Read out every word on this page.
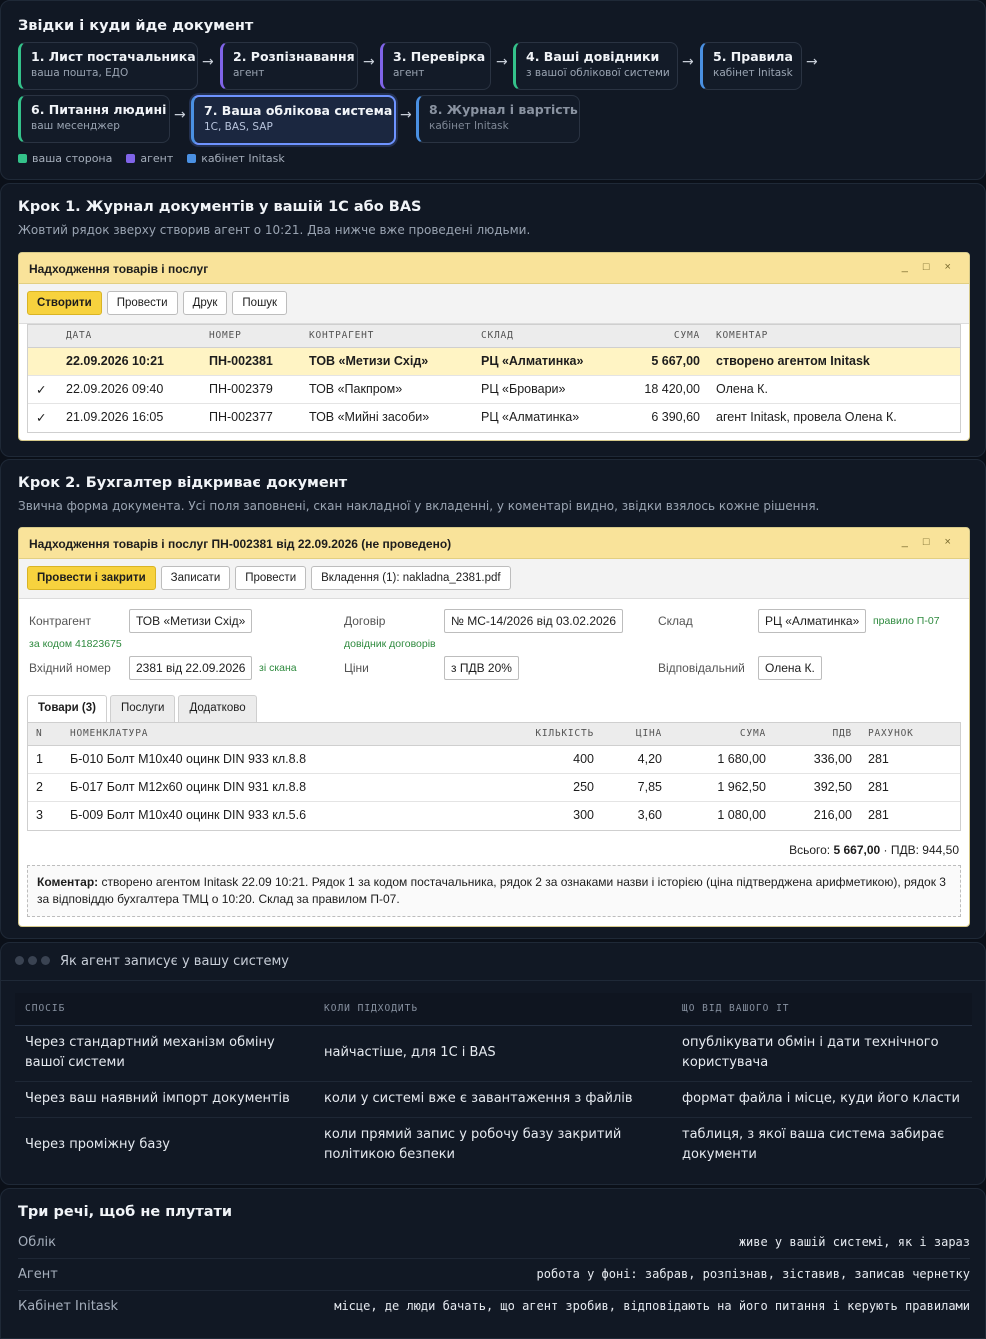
Звідки і куди йде документ
1. Лист постачальника
ваша пошта, ЕДО
→ 2. Розпізнавання
агент
→ 3. Перевірка
агент
→ 4. Ваші довідники
з вашої облікової системи
→ 5. Правила
кабінет Initask
→
6. Питання людині
ваш месенджер
→ 7. Ваша облікова система
1С, BAS, SAP
→ 8. Журнал і вартість
кабінет Initask
ваша сторона	агент	кабінет Initask
Крок 1. Журнал документів у вашій 1С або BAS
Жовтий рядок зверху створив агент о 10:21. Два нижче вже проведені людьми.
Надходження товарів і послуг	_ □ ×
Створити	Провести	Друк	Пошук
	ДАТА	НОМЕР	КОНТРАГЕНТ	СКЛАД	СУМА	КОМЕНТАР
	22.09.2026 10:21	ПН-002381	ТОВ «Метизи Схід»	РЦ «Алматинка»	5 667,00	створено агентом Initask
✓	22.09.2026 09:40	ПН-002379	ТОВ «Пакпром»	РЦ «Бровари»	18 420,00	Олена К.
✓	21.09.2026 16:05	ПН-002377	ТОВ «Мийні засоби»	РЦ «Алматинка»	6 390,60	агент Initask, провела Олена К.
Крок 2. Бухгалтер відкриває документ
Звична форма документа. Усі поля заповнені, скан накладної у вкладенні, у коментарі видно, звідки взялось кожне рішення.
Надходження товарів і послуг ПН-002381 від 22.09.2026 (не проведено)	_ □ ×
Провести і закрити	Записати	Провести	Вкладення (1): nakladna_2381.pdf
Контрагент	ТОВ «Метизи Схід»
за кодом 41823675
Договір	№ МС-14/2026 від 03.02.2026
довідник договорів
Склад	РЦ «Алматинка»	правило П-07
Вхідний номер	2381 від 22.09.2026	зі скана	Ціни	з ПДВ 20%	Відповідальний	Олена К.
Товари (3)	Послуги	Додатково
N	НОМЕНКЛАТУРА	КІЛЬКІСТЬ	ЦІНА	СУМА	ПДВ	РАХУНОК
1	Б-010 Болт М10х40 оцинк DIN 933 кл.8.8	400	4,20	1 680,00	336,00	281
2	Б-017 Болт М12х60 оцинк DIN 931 кл.8.8	250	7,85	1 962,50	392,50	281
3	Б-009 Болт М10х40 оцинк DIN 933 кл.5.6	300	3,60	1 080,00	216,00	281
Всього: 5 667,00 · ПДВ: 944,50
Коментар: створено агентом Initask 22.09 10:21. Рядок 1 за кодом постачальника, рядок 2 за ознаками назви і історією (ціна підтверджена арифметикою), рядок 3 за відповіддю бухгалтера ТМЦ о 10:20. Склад за правилом П-07.
Як агент записує у вашу систему
СПОСІБ	КОЛИ ПІДХОДИТЬ	ЩО ВІД ВАШОГО ІТ
Через стандартний механізм обміну вашої системи	найчастіше, для 1С і BAS	опублікувати обмін і дати технічного користувача
Через ваш наявний імпорт документів	коли у системі вже є завантаження з файлів	формат файла і місце, куди його класти
Через проміжну базу	коли прямий запис у робочу базу закритий політикою безпеки	таблиця, з якої ваша система забирає документи
Три речі, щоб не плутати
Облік	живе у вашій системі, як і зараз
Агент	робота у фоні: забрав, розпізнав, зіставив, записав чернетку
Кабінет Initask	місце, де люди бачать, що агент зробив, відповідають на його питання і керують правилами
